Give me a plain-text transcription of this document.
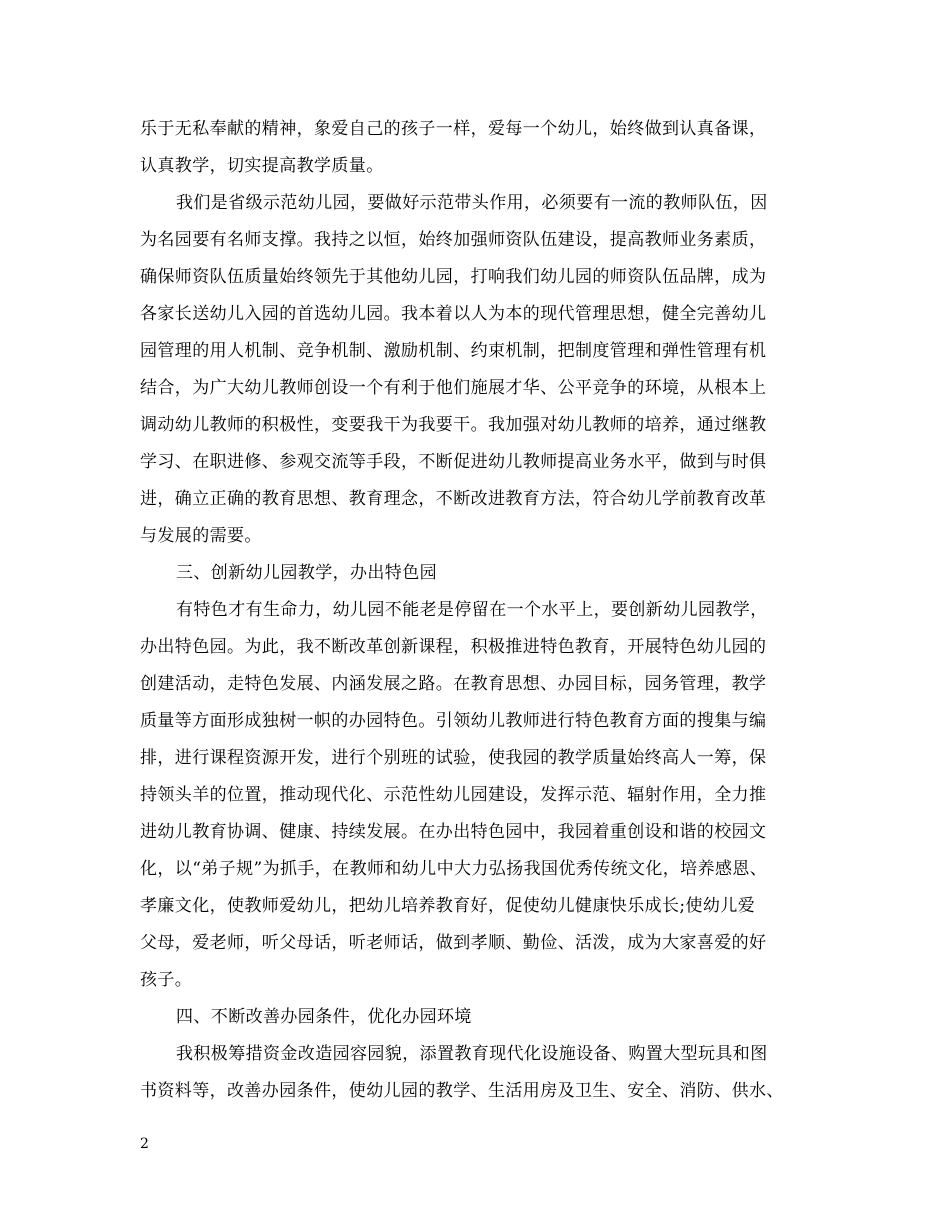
乐于无私奉献的精神，象爱自己的孩子一样，爱每一个幼儿，始终做到认真备课，
认真教学，切实提高教学质量。
我们是省级示范幼儿园，要做好示范带头作用，必须要有一流的教师队伍，因
为名园要有名师支撑。我持之以恒，始终加强师资队伍建设，提高教师业务素质，
确保师资队伍质量始终领先于其他幼儿园，打响我们幼儿园的师资队伍品牌，成为
各家长送幼儿入园的首选幼儿园。我本着以人为本的现代管理思想，健全完善幼儿
园管理的用人机制、竞争机制、激励机制、约束机制，把制度管理和弹性管理有机
结合，为广大幼儿教师创设一个有利于他们施展才华、公平竞争的环境，从根本上
调动幼儿教师的积极性，变要我干为我要干。我加强对幼儿教师的培养，通过继教
学习、在职进修、参观交流等手段，不断促进幼儿教师提高业务水平，做到与时俱
进，确立正确的教育思想、教育理念，不断改进教育方法，符合幼儿学前教育改革
与发展的需要。
三、创新幼儿园教学，办出特色园
有特色才有生命力，幼儿园不能老是停留在一个水平上，要创新幼儿园教学，
办出特色园。为此，我不断改革创新课程，积极推进特色教育，开展特色幼儿园的
创建活动，走特色发展、内涵发展之路。在教育思想、办园目标，园务管理，教学
质量等方面形成独树一帜的办园特色。引领幼儿教师进行特色教育方面的搜集与编
排，进行课程资源开发，进行个别班的试验，使我园的教学质量始终高人一筹，保
持领头羊的位置，推动现代化、示范性幼儿园建设，发挥示范、辐射作用，全力推
进幼儿教育协调、健康、持续发展。在办出特色园中，我园着重创设和谐的校园文
化，以“弟子规”为抓手，在教师和幼儿中大力弘扬我国优秀传统文化，培养感恩、
孝廉文化，使教师爱幼儿，把幼儿培养教育好，促使幼儿健康快乐成长;使幼儿爱
父母，爱老师，听父母话，听老师话，做到孝顺、勤俭、活泼，成为大家喜爱的好
孩子。
四、不断改善办园条件，优化办园环境
我积极筹措资金改造园容园貌，添置教育现代化设施设备、购置大型玩具和图
书资料等，改善办园条件，使幼儿园的教学、生活用房及卫生、安全、消防、供水、
2
